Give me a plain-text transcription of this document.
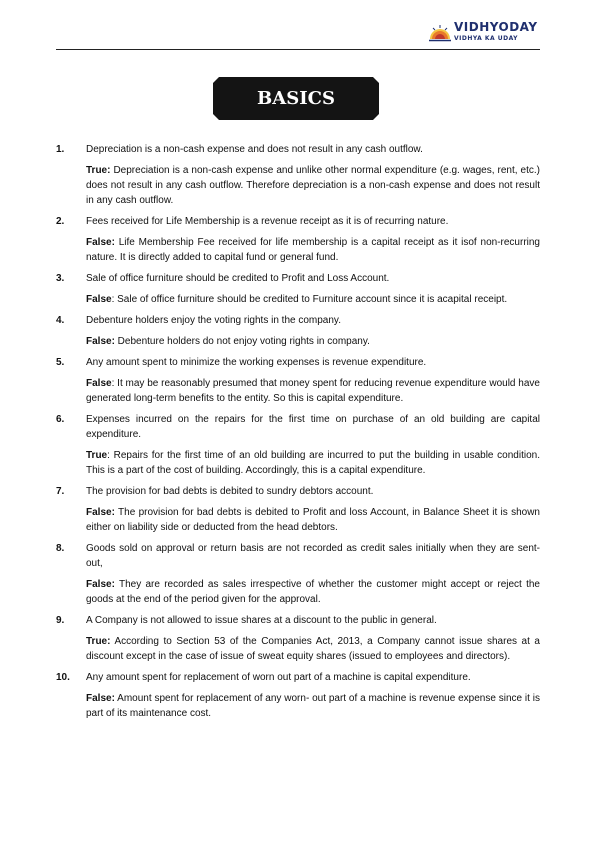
VIDHYODAY
VIDHYA KA UDAY
BASICS
1. Depreciation is a non-cash expense and does not result in any cash outflow.

True: Depreciation is a non-cash expense and unlike other normal expenditure (e.g. wages, rent, etc.) does not result in any cash outflow. Therefore depreciation is a non-cash expense and does not result in any cash outflow.

2. Fees received for Life Membership is a revenue receipt as it is of recurring nature.

False: Life Membership Fee received for life membership is a capital receipt as it isof non-recurring nature. It is directly added to capital fund or general fund.

3. Sale of office furniture should be credited to Profit and Loss Account.

False: Sale of office furniture should be credited to Furniture account since it is acapital receipt.

4. Debenture holders enjoy the voting rights in the company.

False: Debenture holders do not enjoy voting rights in company.

5. Any amount spent to minimize the working expenses is revenue expenditure.

False: It may be reasonably presumed that money spent for reducing revenue expenditure would have generated long-term benefits to the entity. So this is capital expenditure.

6. Expenses incurred on the repairs for the first time on purchase of an old building are capital expenditure.

True: Repairs for the first time of an old building are incurred to put the building in usable condition. This is a part of the cost of building. Accordingly, this is a capital expenditure.

7. The provision for bad debts is debited to sundry debtors account.

False: The provision for bad debts is debited to Profit and loss Account, in Balance Sheet it is shown either on liability side or deducted from the head debtors.

8. Goods sold on approval or return basis are not recorded as credit sales initially when they are sent-out,

False: They are recorded as sales irrespective of whether the customer might accept or reject the goods at the end of the period given for the approval.

9. A Company is not allowed to issue shares at a discount to the public in general.

True: According to Section 53 of the Companies Act, 2013, a Company cannot issue shares at a discount except in the case of issue of sweat equity shares (issued to employees and directors).

10. Any amount spent for replacement of worn out part of a machine is capital expenditure.

False: Amount spent for replacement of any worn- out part of a machine is revenue expense since it is part of its maintenance cost.
